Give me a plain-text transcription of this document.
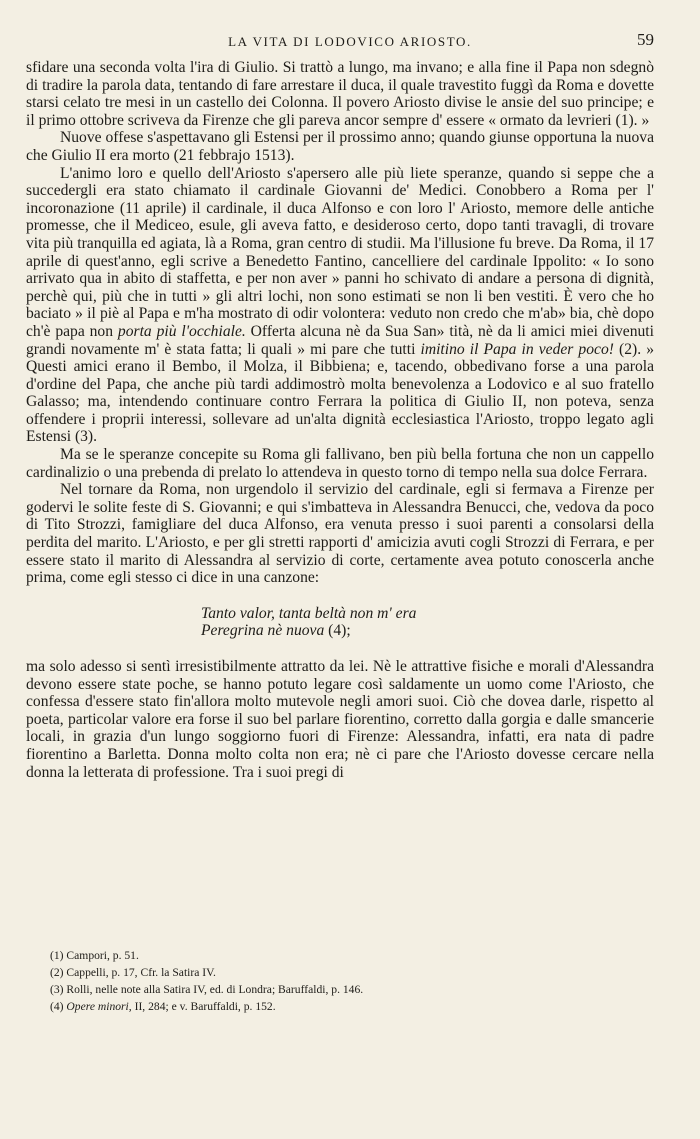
LA VITA DI LODOVICO ARIOSTO.	59

sfidare una seconda volta l'ira di Giulio. Si trattò a lungo, ma invano; e alla fine il Papa non sdegnò di tradire la parola data, tentando di fare arrestare il duca, il quale travestito fuggì da Roma e dovette starsi celato tre mesi in un castello dei Colonna. Il povero Ariosto divise le ansie del suo principe; e il primo ottobre scriveva da Firenze che gli pareva ancor sempre d' essere « ormato da levrieri (1). »

Nuove offese s'aspettavano gli Estensi per il prossimo anno; quando giunse opportuna la nuova che Giulio II era morto (21 febbrajo 1513).

L'animo loro e quello dell'Ariosto s'apersero alle più liete speranze, quando si seppe che a succedergli era stato chiamato il cardinale Giovanni de' Medici. Conobbero a Roma per l' incoronazione (11 aprile) il cardinale, il duca Alfonso e con loro l' Ariosto, memore delle antiche promesse, che il Mediceo, esule, gli aveva fatto, e desideroso certo, dopo tanti travagli, di trovare vita più tranquilla ed agiata, là a Roma, gran centro di studii. Ma l'illusione fu breve. Da Roma, il 17 aprile di quest'anno, egli scrive a Benedetto Fantino, cancelliere del cardinale Ippolito: « Io sono arrivato qua in abito di staffetta, e per non aver » panni ho schivato di andare a persona di dignità, perchè qui, più che in tutti » gli altri lochi, non sono estimati se non li ben vestiti. È vero che ho baciato » il piè al Papa e m'ha mostrato di odir volontera: veduto non credo che m'ab» bia, chè dopo ch'è papa non porta più l'occhiale. Offerta alcuna nè da Sua San» tità, nè da li amici miei divenuti grandi novamente m' è stata fatta; li quali » mi pare che tutti imitino il Papa in veder poco! (2). » Questi amici erano il Bembo, il Molza, il Bibbiena; e, tacendo, obbedivano forse a una parola d'ordine del Papa, che anche più tardi addimostrò molta benevolenza a Lodovico e al suo fratello Galasso; ma, intendendo continuare contro Ferrara la politica di Giulio II, non poteva, senza offendere i proprii interessi, sollevare ad un'alta dignità ecclesiastica l'Ariosto, troppo legato agli Estensi (3).

Ma se le speranze concepite su Roma gli fallivano, ben più bella fortuna che non un cappello cardinalizio o una prebenda di prelato lo attendeva in questo torno di tempo nella sua dolce Ferrara.

Nel tornare da Roma, non urgendolo il servizio del cardinale, egli si fermava a Firenze per godervi le solite feste di S. Giovanni; e qui s'imbatteva in Alessandra Benucci, che, vedova da poco di Tito Strozzi, famigliare del duca Alfonso, era venuta presso i suoi parenti a consolarsi della perdita del marito. L'Ariosto, e per gli stretti rapporti d' amicizia avuti cogli Strozzi di Ferrara, e per essere stato il marito di Alessandra al servizio di corte, certamente avea potuto conoscerla anche prima, come egli stesso ci dice in una canzone:

Tanto valor, tanta beltà non m' era

Peregrina nè nuova (4);

ma solo adesso si sentì irresistibilmente attratto da lei. Nè le attrattive fisiche e morali d'Alessandra devono essere state poche, se hanno potuto legare così saldamente un uomo come l'Ariosto, che confessa d'essere stato fin'allora molto mutevole negli amori suoi. Ciò che dovea darle, rispetto al poeta, particolar valore era forse il suo bel parlare fiorentino, corretto dalla gorgia e dalle smancerie locali, in grazia d'un lungo soggiorno fuori di Firenze: Alessandra, infatti, era nata di padre fiorentino a Barletta. Donna molto colta non era; nè ci pare che l'Ariosto dovesse cercare nella donna la letterata di professione. Tra i suoi pregi di

(1) Campori, p. 51.
(2) Cappelli, p. 17, Cfr. la Satira IV.
(3) Rolli, nelle note alla Satira IV, ed. di Londra; Baruffaldi, p. 146.
(4) Opere minori, II, 284; e v. Baruffaldi, p. 152.
